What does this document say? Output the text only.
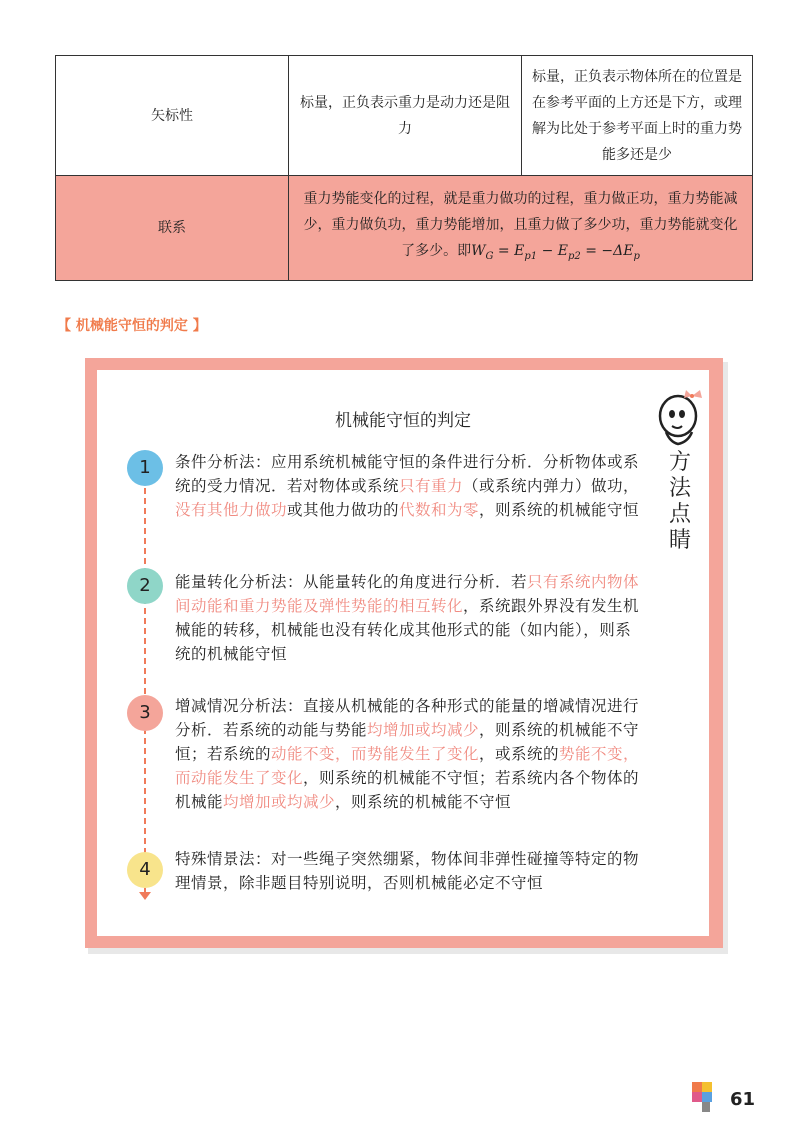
矢标性	标量，正负表示重力是动力还是阻力	标量，正负表示物体所在的位置是在参考平面的上方还是下方，或理解为比处于参考平面上时的重力势能多还是少
联系	重力势能变化的过程，就是重力做功的过程，重力做正功，重力势能减少，重力做负功，重力势能增加，且重力做了多少功，重力势能就变化了多少。即$W_G = E_{p1} - E_{p2} = -\Delta E_p$
【 机械能守恒的判定 】
机械能守恒的判定
方
法
点
睛
1
2
3
4
条件分析法：应用系统机械能守恒的条件进行分析．分析物体或系统的受力情况．若对物体或系统只有重力（或系统内弹力）做功，没有其他力做功或其他力做功的代数和为零，则系统的机械能守恒
能量转化分析法：从能量转化的角度进行分析．若只有系统内物体间动能和重力势能及弹性势能的相互转化，系统跟外界没有发生机械能的转移，机械能也没有转化成其他形式的能（如内能），则系统的机械能守恒
增减情况分析法：直接从机械能的各种形式的能量的增减情况进行分析．若系统的动能与势能均增加或均减少，则系统的机械能不守恒；若系统的动能不变，而势能发生了变化，或系统的势能不变，而动能发生了变化，则系统的机械能不守恒；若系统内各个物体的机械能均增加或均减少，则系统的机械能不守恒
特殊情景法：对一些绳子突然绷紧，物体间非弹性碰撞等特定的物理情景，除非题目特别说明，否则机械能必定不守恒
61
